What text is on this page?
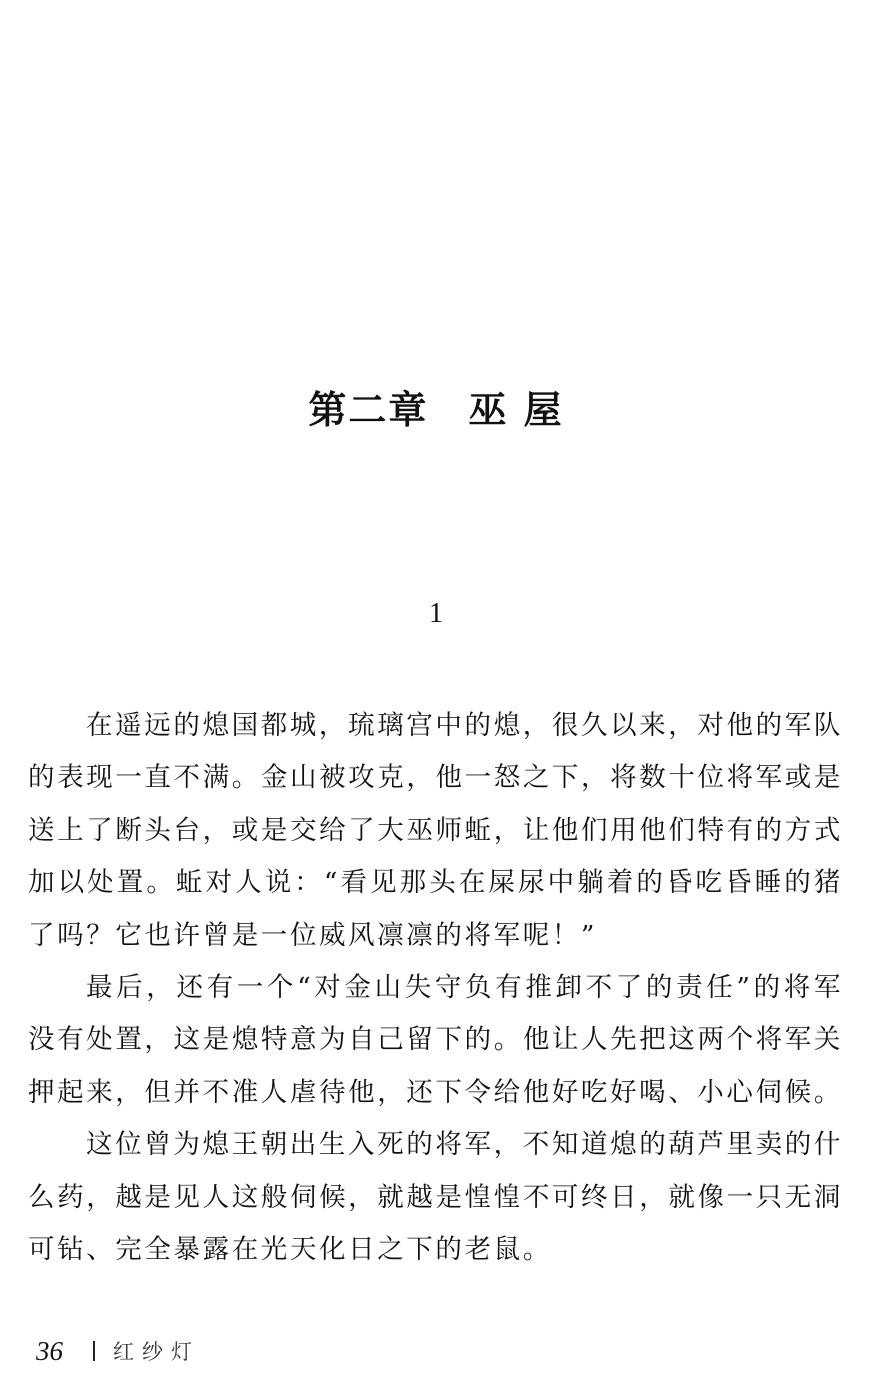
第二章 巫 屋
1

在遥远的熄国都城，琉璃宫中的熄，很久以来，对他的军队的表现一直不满。金山被攻克，他一怒之下，将数十位将军或是送上了断头台，或是交给了大巫师蚯，让他们用他们特有的方式加以处置。蚯对人说：“看见那头在屎尿中躺着的昏吃昏睡的猪了吗？它也许曾是一位威风凛凛的将军呢！”

最后，还有一个“对金山失守负有推卸不了的责任”的将军没有处置，这是熄特意为自己留下的。他让人先把这两个将军关押起来，但并不准人虐待他，还下令给他好吃好喝、小心伺候。

这位曾为熄王朝出生入死的将军，不知道熄的葫芦里卖的什么药，越是见人这般伺候，就越是惶惶不可终日，就像一只无洞可钻、完全暴露在光天化日之下的老鼠。

36 红纱灯
